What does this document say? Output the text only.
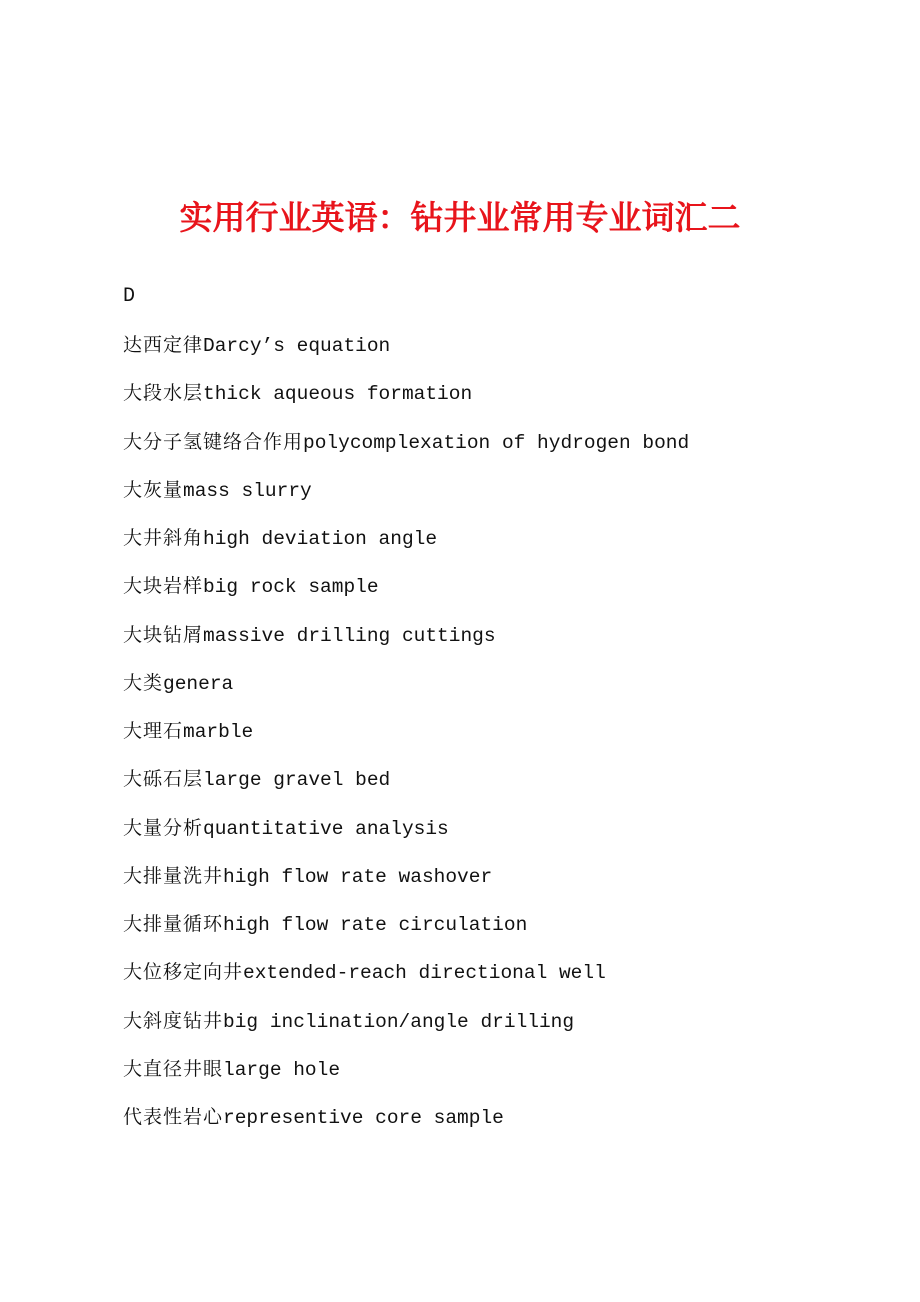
实用行业英语：钻井业常用专业词汇二
D
达西定律Darcy’s equation
大段水层thick aqueous formation
大分子氢键络合作用polycomplexation of hydrogen bond
大灰量mass slurry
大井斜角high deviation angle
大块岩样big rock sample
大块钻屑massive drilling cuttings
大类genera
大理石marble
大砾石层large gravel bed
大量分析quantitative analysis
大排量洗井high flow rate washover
大排量循环high flow rate circulation
大位移定向井extended-reach directional well
大斜度钻井big inclination/angle drilling
大直径井眼large hole
代表性岩心representive core sample
